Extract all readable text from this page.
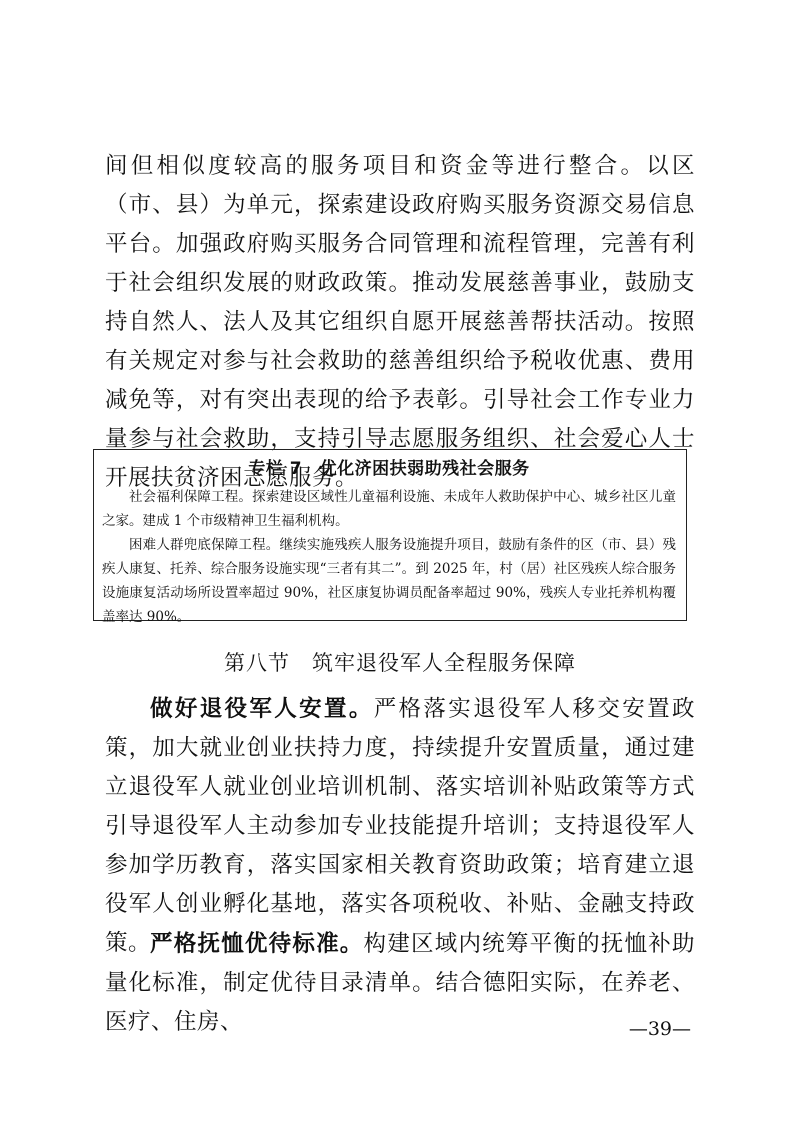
间但相似度较高的服务项目和资金等进行整合。以区（市、县）为单元，探索建设政府购买服务资源交易信息平台。加强政府购买服务合同管理和流程管理，完善有利于社会组织发展的财政政策。推动发展慈善事业，鼓励支持自然人、法人及其它组织自愿开展慈善帮扶活动。按照有关规定对参与社会救助的慈善组织给予税收优惠、费用减免等，对有突出表现的给予表彰。引导社会工作专业力量参与社会救助，支持引导志愿服务组织、社会爱心人士开展扶贫济困志愿服务。

专栏 7　优化济困扶弱助残社会服务

社会福利保障工程。探索建设区域性儿童福利设施、未成年人救助保护中心、城乡社区儿童之家。建成 1 个市级精神卫生福利机构。

困难人群兜底保障工程。继续实施残疾人服务设施提升项目，鼓励有条件的区（市、县）残疾人康复、托养、综合服务设施实现“三者有其二”。到 2025 年，村（居）社区残疾人综合服务设施康复活动场所设置率超过 90%，社区康复协调员配备率超过 90%，残疾人专业托养机构覆盖率达 90%。

第八节 筑牢退役军人全程服务保障

做好退役军人安置。严格落实退役军人移交安置政策，加大就业创业扶持力度，持续提升安置质量，通过建立退役军人就业创业培训机制、落实培训补贴政策等方式引导退役军人主动参加专业技能提升培训；支持退役军人参加学历教育，落实国家相关教育资助政策；培育建立退役军人创业孵化基地，落实各项税收、补贴、金融支持政策。

严格抚恤优待标准。构建区域内统筹平衡的抚恤补助量化标准，制定优待目录清单。结合德阳实际，在养老、医疗、住房、	—39—
